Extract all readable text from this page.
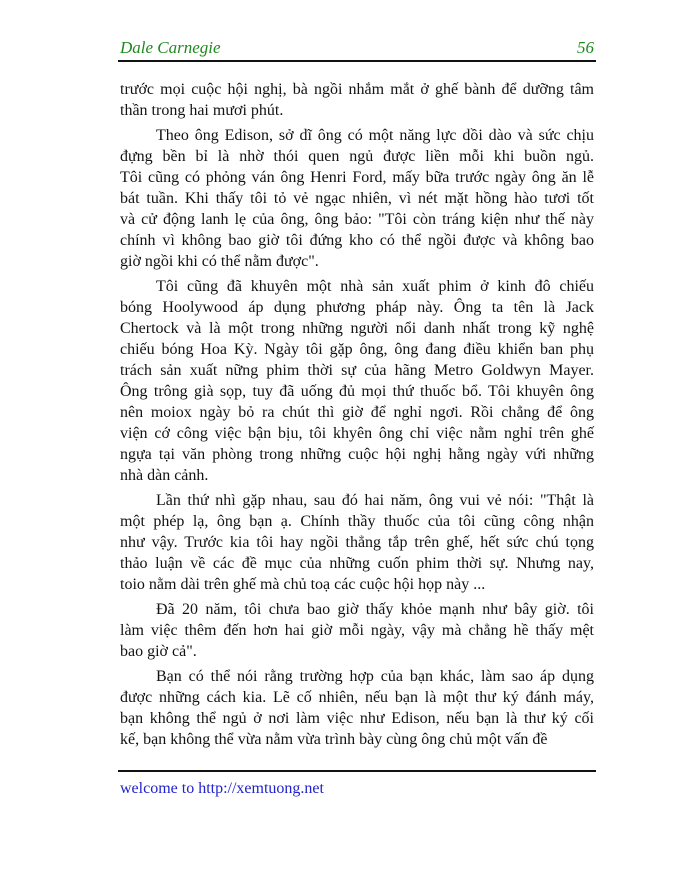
Dale Carnegie	56
trước mọi cuộc hội nghị, bà ngồi nhắm mắt ở ghế bành để dưỡng tâm
thần trong hai mươi phút.
Theo ông Edison, sở dĩ ông có một năng lực dồi dào và sức chịu
đựng bền bỉ là nhờ thói quen ngủ được liền mỗi khi buồn ngủ.
Tôi cũng có phỏng ván ông Henri Ford, mấy bữa trước ngày ông ăn lễ
bát tuần. Khi thấy tôi tỏ vẻ ngạc nhiên, vì nét mặt hồng hào tươi tốt
và cử động lanh lẹ của ông, ông bảo: "Tôi còn tráng kiện như thế này
chính vì không bao giờ tôi đứng kho có thể ngồi được và không bao
giờ ngồi khi có thể nằm được".
Tôi cũng đã khuyên một nhà sản xuất phim ở kinh đô chiếu
bóng Hoolywood áp dụng phương pháp này. Ông ta tên là Jack
Chertock và là một trong những người nổi danh nhất trong kỹ nghệ
chiếu bóng Hoa Kỳ. Ngày tôi gặp ông, ông đang điều khiển ban phụ
trách sản xuất nững phim thời sự của hãng Metro Goldwyn Mayer.
Ông trông già sọp, tuy đã uống đủ mọi thứ thuốc bổ. Tôi khuyên ông
nên moiox ngày bỏ ra chút thì giờ để nghỉ ngơi. Rồi chẳng để ông
viện cớ công việc bận bịu, tôi khyên ông chỉ việc nằm nghỉ trên ghế
ngựa tại văn phòng trong những cuộc hội nghị hằng ngày vứi những
nhà dàn cảnh.
Lần thứ nhì gặp nhau, sau đó hai năm, ông vui vẻ nói: "Thật là
một phép lạ, ông bạn ạ. Chính thầy thuốc của tôi cũng công nhận
như vậy. Trước kia tôi hay ngồi thẳng tắp trên ghế, hết sức chú tọng
thảo luận về các đề mục của những cuốn phim thời sự. Nhưng nay,
toio nằm dài trên ghế mà chủ toạ các cuộc hội họp này ...
Đã 20 năm, tôi chưa bao giờ thấy khỏe mạnh như bây giờ. tôi
làm việc thêm đến hơn hai giờ mỗi ngày, vậy mà chẳng hề thấy mệt
bao giờ cả".
Bạn có thể nói rằng trường hợp của bạn khác, làm sao áp dụng
được những cách kia. Lẽ cố nhiên, nếu bạn là một thư ký đánh máy,
bạn không thể ngủ ở nơi làm việc như Edison, nếu bạn là thư ký cối
kế, bạn không thể vừa nằm vừa trình bày cùng ông chủ một vấn đề
welcome to http://xemtuong.net
